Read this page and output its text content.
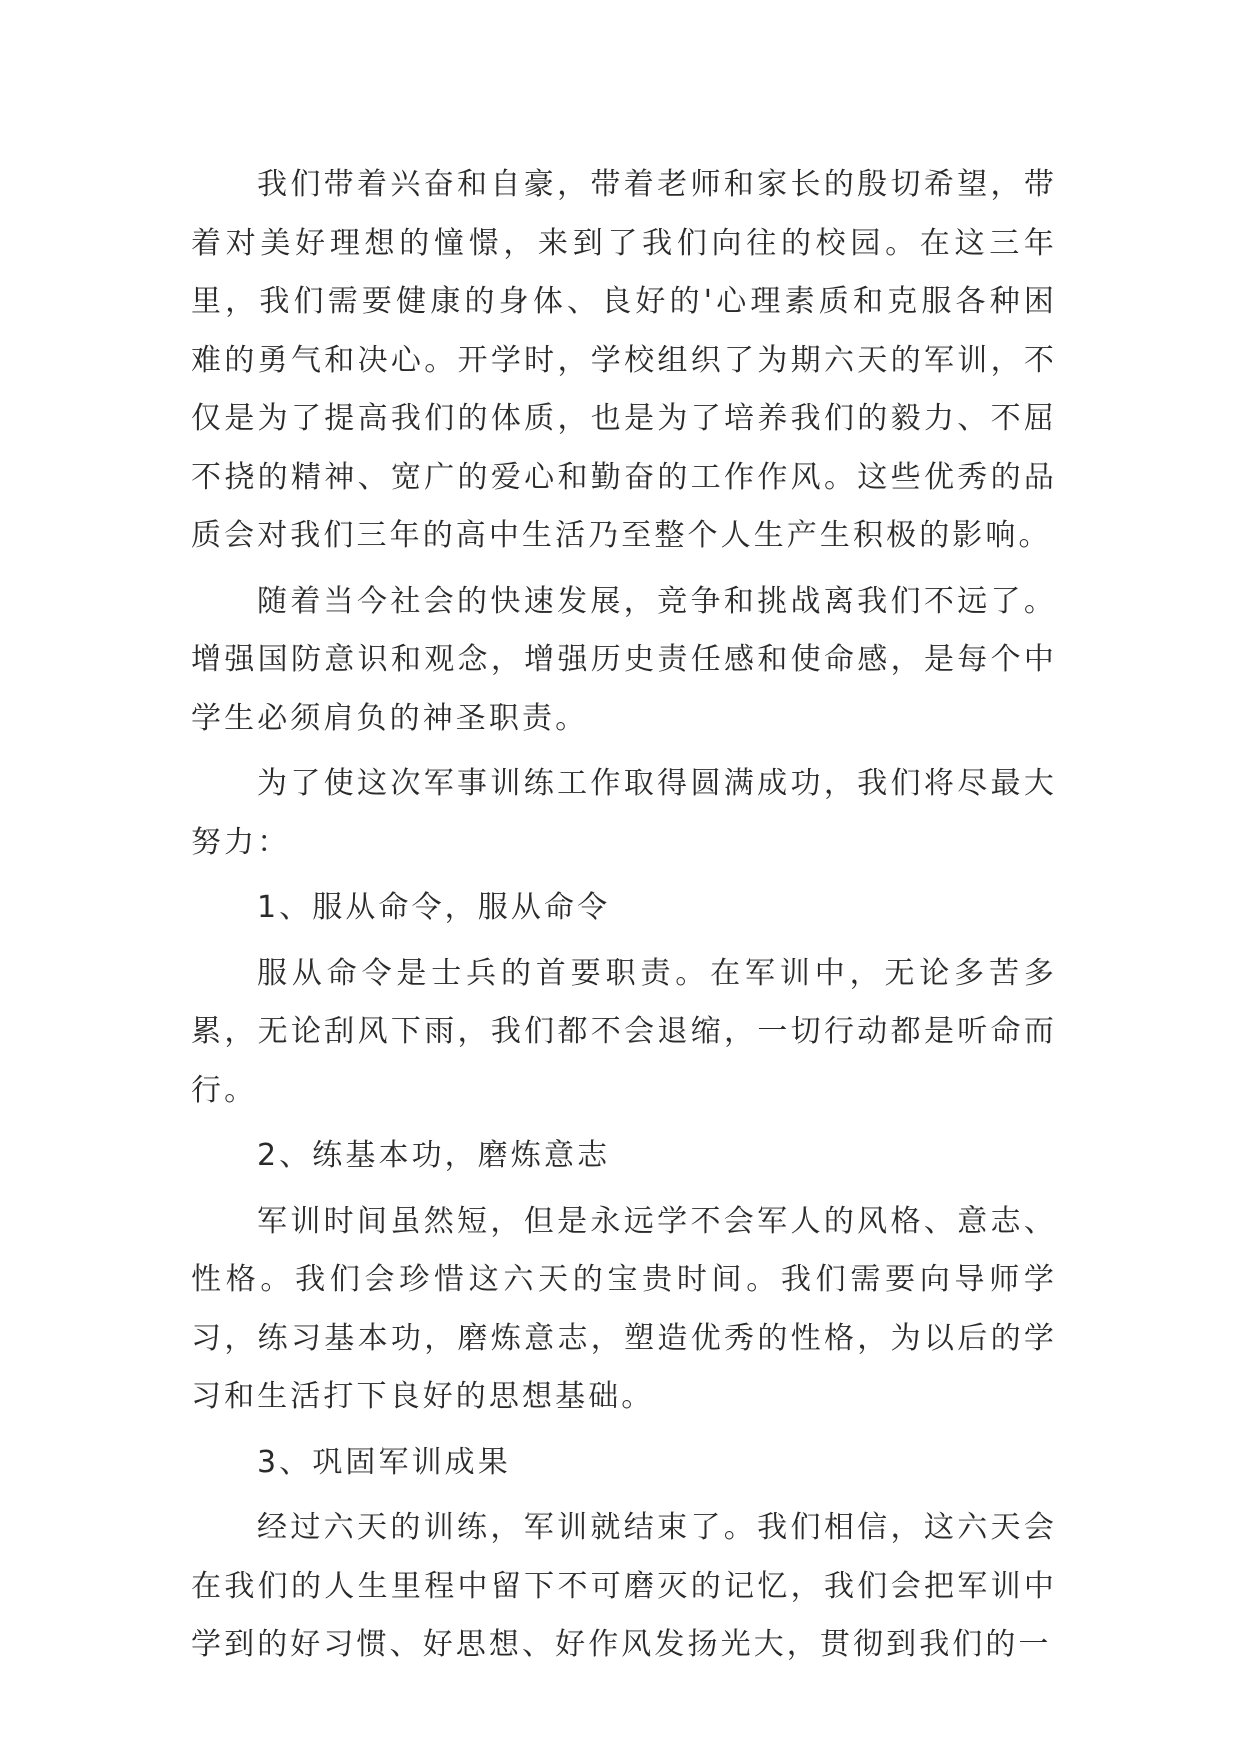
我们带着兴奋和自豪，带着老师和家长的殷切希望，带着对美好理想的憧憬，来到了我们向往的校园。在这三年里，我们需要健康的身体、良好的'心理素质和克服各种困难的勇气和决心。开学时，学校组织了为期六天的军训，不仅是为了提高我们的体质，也是为了培养我们的毅力、不屈不挠的精神、宽广的爱心和勤奋的工作作风。这些优秀的品质会对我们三年的高中生活乃至整个人生产生积极的影响。

随着当今社会的快速发展，竞争和挑战离我们不远了。增强国防意识和观念，增强历史责任感和使命感，是每个中学生必须肩负的神圣职责。

为了使这次军事训练工作取得圆满成功，我们将尽最大努力：

1、服从命令，服从命令

服从命令是士兵的首要职责。在军训中，无论多苦多累，无论刮风下雨，我们都不会退缩，一切行动都是听命而行。

2、练基本功，磨炼意志

军训时间虽然短，但是永远学不会军人的风格、意志、性格。我们会珍惜这六天的宝贵时间。我们需要向导师学习，练习基本功，磨炼意志，塑造优秀的性格，为以后的学习和生活打下良好的思想基础。

3、巩固军训成果

经过六天的训练，军训就结束了。我们相信，这六天会在我们的人生里程中留下不可磨灭的记忆，我们会把军训中学到的好习惯、好思想、好作风发扬光大，贯彻到我们的一
